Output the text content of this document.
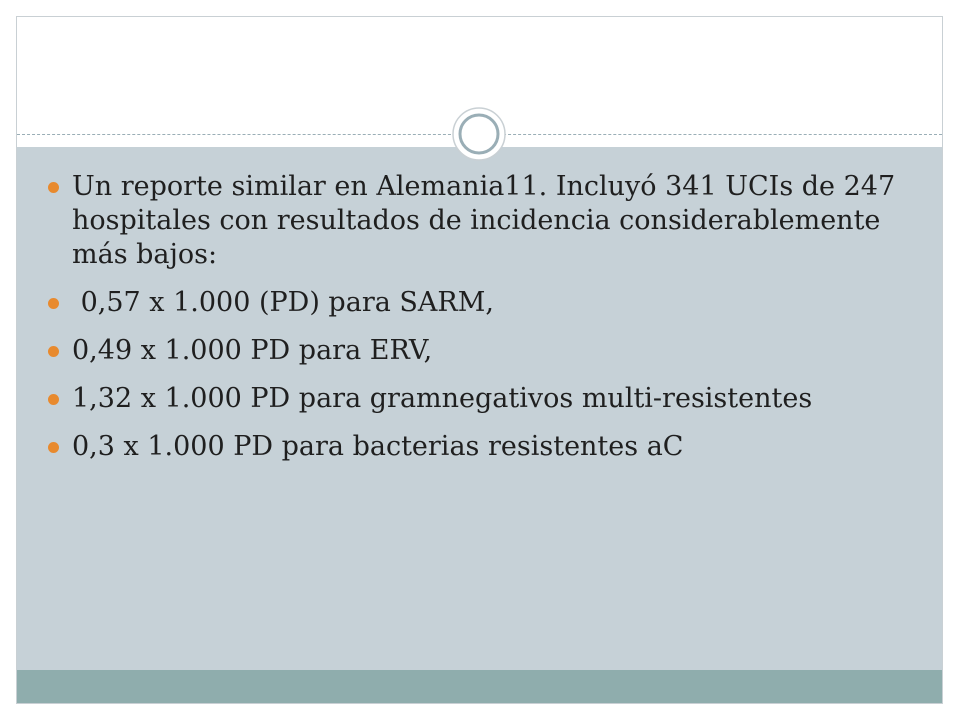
Un reporte similar en Alemania11. Incluyó 341 UCIs de 247 hospitales con resultados de incidencia considerablemente más bajos:
0,57 x 1.000 (PD) para SARM,
0,49 x 1.000 PD para ERV,
1,32 x 1.000 PD para gramnegativos multi-resistentes
0,3 x 1.000 PD para bacterias resistentes aC
